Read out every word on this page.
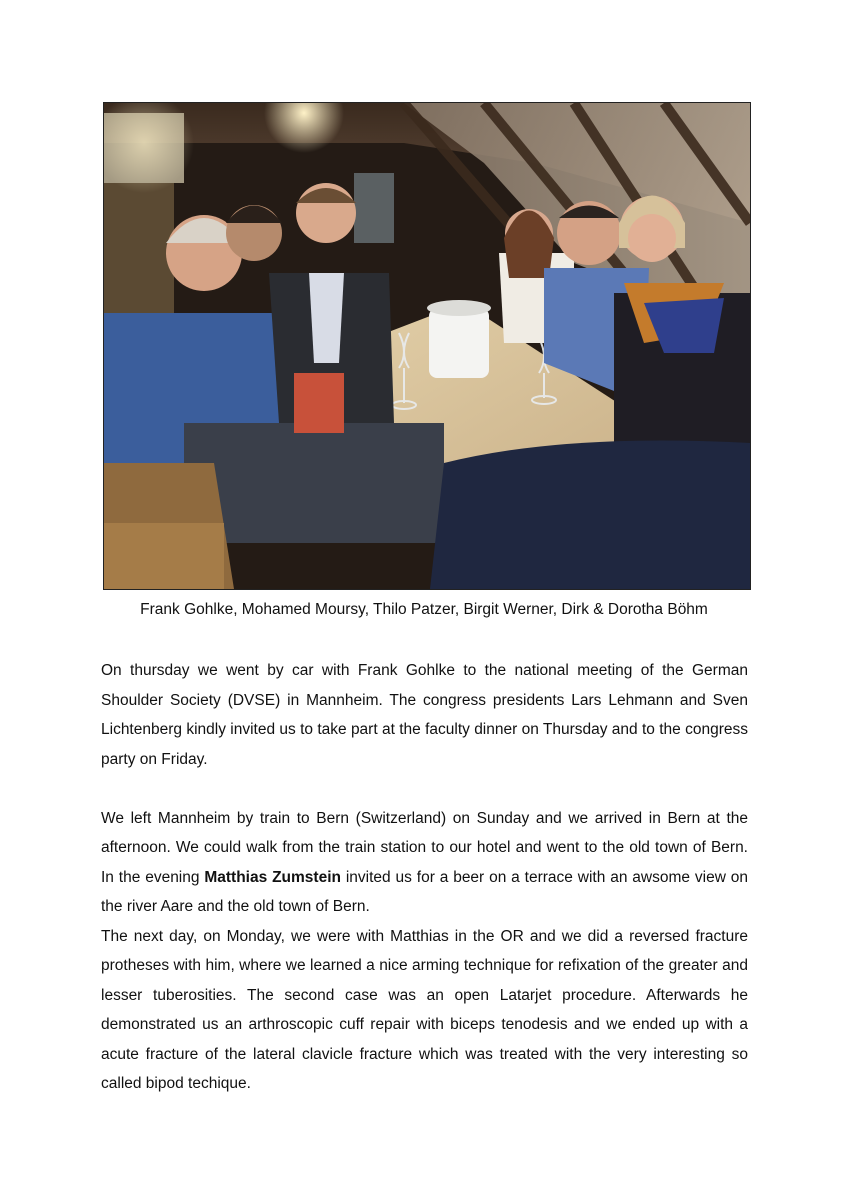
Frank Gohlke, Mohamed Moursy, Thilo Patzer, Birgit Werner, Dirk & Dorotha Böhm

On thursday we went by car with Frank Gohlke to the national meeting of the German Shoulder Society (DVSE) in Mannheim. The congress presidents Lars Lehmann and Sven Lichtenberg kindly invited us to take part at the faculty dinner on Thursday and to the congress party on Friday.

We left Mannheim by train to Bern (Switzerland) on Sunday and we arrived in Bern at the afternoon. We could walk from the train station to our hotel and went to the old town of Bern. In the evening Matthias Zumstein invited us for a beer on a terrace with an awsome view on the river Aare and the old town of Bern.

The next day, on Monday, we were with Matthias in the OR and we did a reversed fracture protheses with him, where we learned a nice arming technique for refixation of the greater and lesser tuberosities. The second case was an open Latarjet procedure. Afterwards he demonstrated us an arthroscopic cuff repair with biceps tenodesis and we ended up with a acute fracture of the lateral clavicle fracture which was treated with the very interesting so called bipod techique.
